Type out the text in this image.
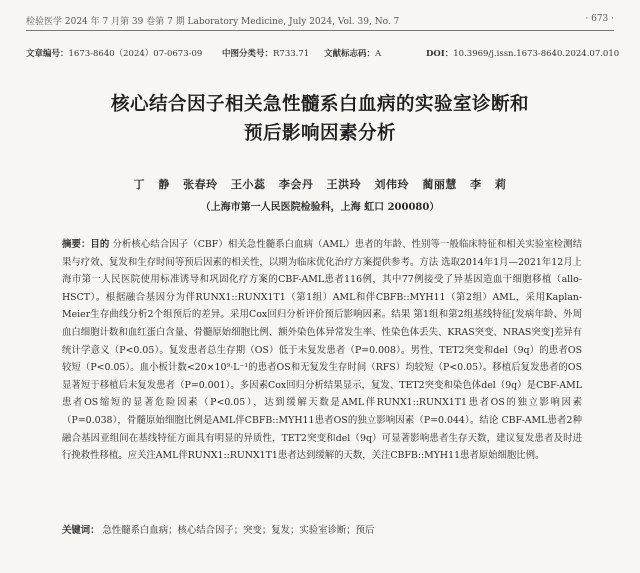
检验医学 2024 年 7 月第 39 卷第 7 期 Laboratory Medicine, July 2024, Vol. 39, No. 7	· 673 ·
文章编号：1673-8640（2024）07-0673-09 中图分类号：R733.71 文献标志码：A	DOI：10.3969/j.issn.1673-8640.2024.07.010
核心结合因子相关急性髓系白血病的实验室诊断和
预后影响因素分析
丁 静 张春玲 王小蕊 李会丹 王洪玲 刘伟玲 蔺丽慧 李 莉
（上海市第一人民医院检验科，上海 虹口 200080）
摘要：目的 分析核心结合因子（CBF）相关急性髓系白血病（AML）患者的年龄、性别等一般临床特征和相关实验室检测结果与疗效、复发和生存时间等预后因素的相关性，以期为临床优化治疗方案提供参考。方法 选取2014年1月—2021年12月上海市第一人民医院使用标准诱导和巩固化疗方案的CBF-AML患者116例，其中77例接受了异基因造血干细胞移植（allo-HSCT）。根据融合基因分为伴RUNX1::RUNX1T1（第1组）AML和伴CBFB::MYH11（第2组）AML，采用Kaplan-Meier生存曲线分析2个组预后的差异。采用Cox回归分析评价预后影响因素。结果 第1组和第2组基线特征[发病年龄、外周血白细胞计数和血红蛋白含量、骨髓原始细胞比例、额外染色体异常发生率、性染色体丢失、KRAS突变、NRAS突变]差异有统计学意义（P<0.05）。复发患者总生存期（OS）低于未复发患者（P=0.008）。男性、TET2突变和del（9q）的患者OS较短（P<0.05）。血小板计数<20×10⁹·L⁻¹的患者OS和无复发生存时间（RFS）均较短（P<0.05）。移植后复发患者的OS显著短于移植后未复发患者（P=0.001）。多因素Cox回归分析结果显示，复发、TET2突变和染色体del（9q）是CBF-AML患者OS缩短的显著危险因素（P<0.05），达到缓解天数是AML伴RUNX1::RUNX1T1患者OS的独立影响因素（P=0.038），骨髓原始细胞比例是AML伴CBFB::MYH11患者OS的独立影响因素（P=0.044）。结论 CBF-AML患者2种融合基因亚组间在基线特征方面具有明显的异质性，TET2突变和del（9q）可显著影响患者生存天数，建议复发患者及时进行挽救性移植。应关注AML伴RUNX1::RUNX1T1患者达到缓解的天数，关注CBFB::MYH11患者原始细胞比例。
关键词： 急性髓系白血病；核心结合因子；突变；复发；实验室诊断；预后
